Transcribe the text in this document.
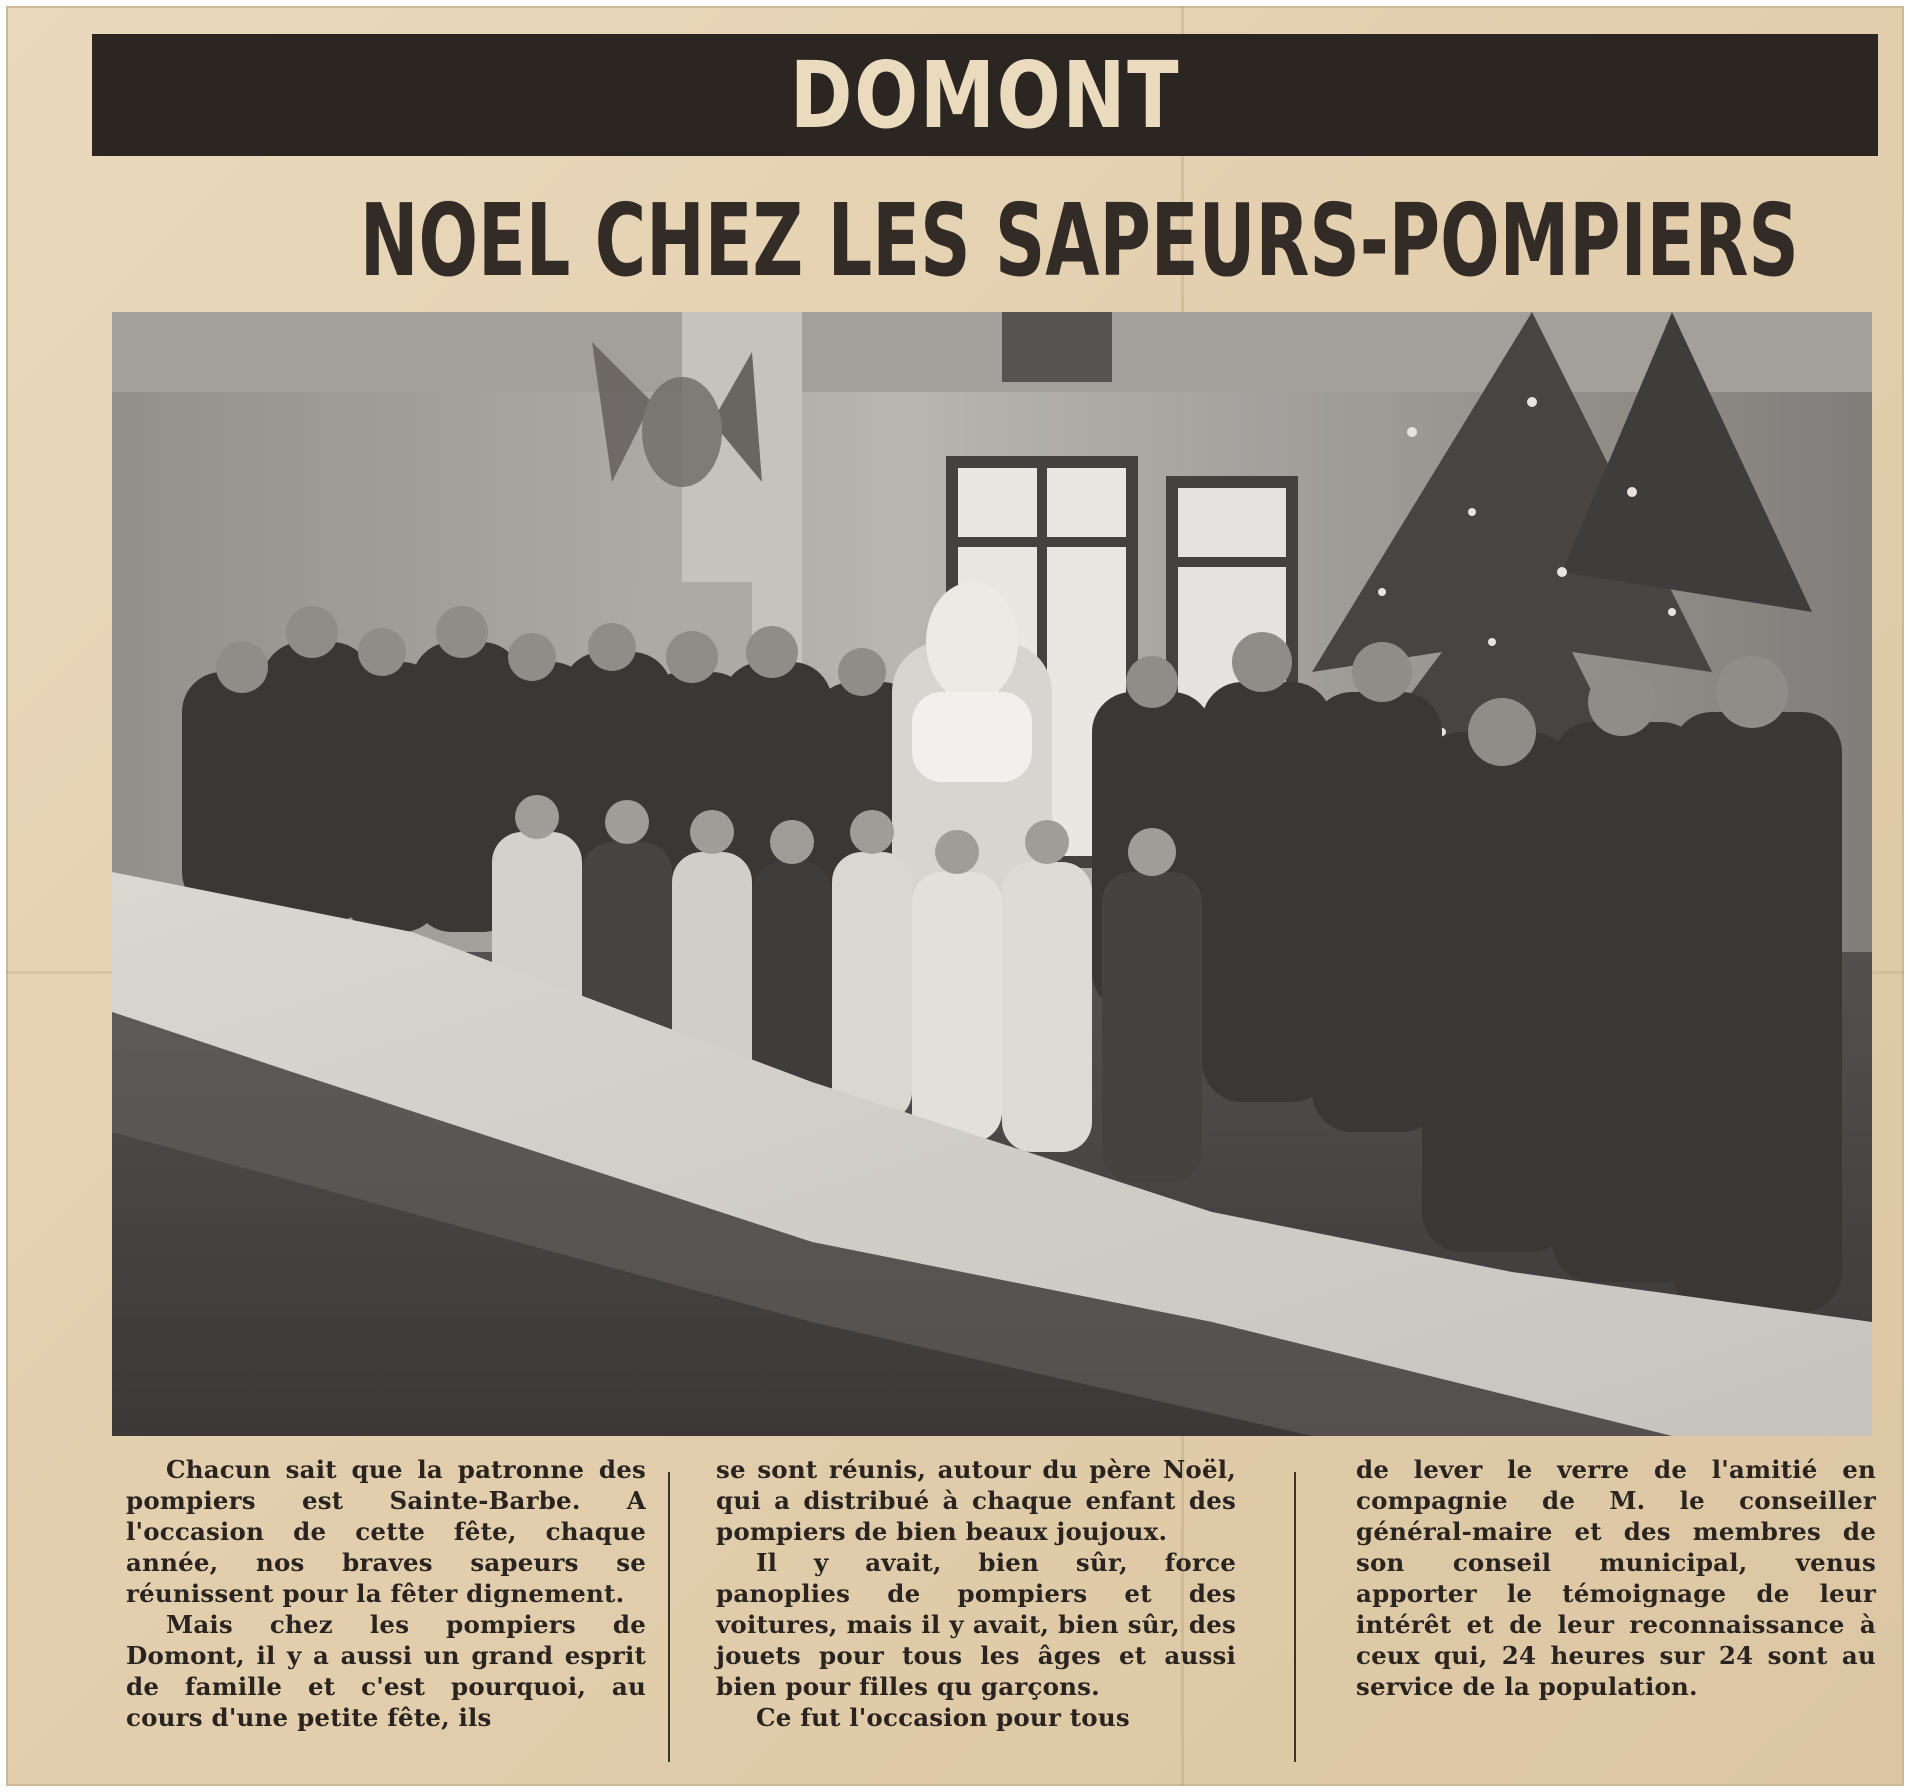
DOMONT
NOEL CHEZ LES SAPEURS-POMPIERS

Chacun sait que la patronne des pompiers est Sainte-Barbe. A l'occasion de cette fête, chaque année, nos braves sapeurs se réunissent pour la fêter dignement.

Mais chez les pompiers de Domont, il y a aussi un grand esprit de famille et c'est pourquoi, au cours d'une petite fête, ils

se sont réunis, autour du père Noël, qui a distribué à chaque enfant des pompiers de bien beaux joujoux.

Il y avait, bien sûr, force panoplies de pompiers et des voitures, mais il y avait, bien sûr, des jouets pour tous les âges et aussi bien pour filles qu garçons.

Ce fut l'occasion pour tous

de lever le verre de l'amitié en compagnie de M. le conseiller général-maire et des membres de son conseil municipal, venus apporter le témoignage de leur intérêt et de leur reconnaissance à ceux qui, 24 heures sur 24 sont au service de la population.
